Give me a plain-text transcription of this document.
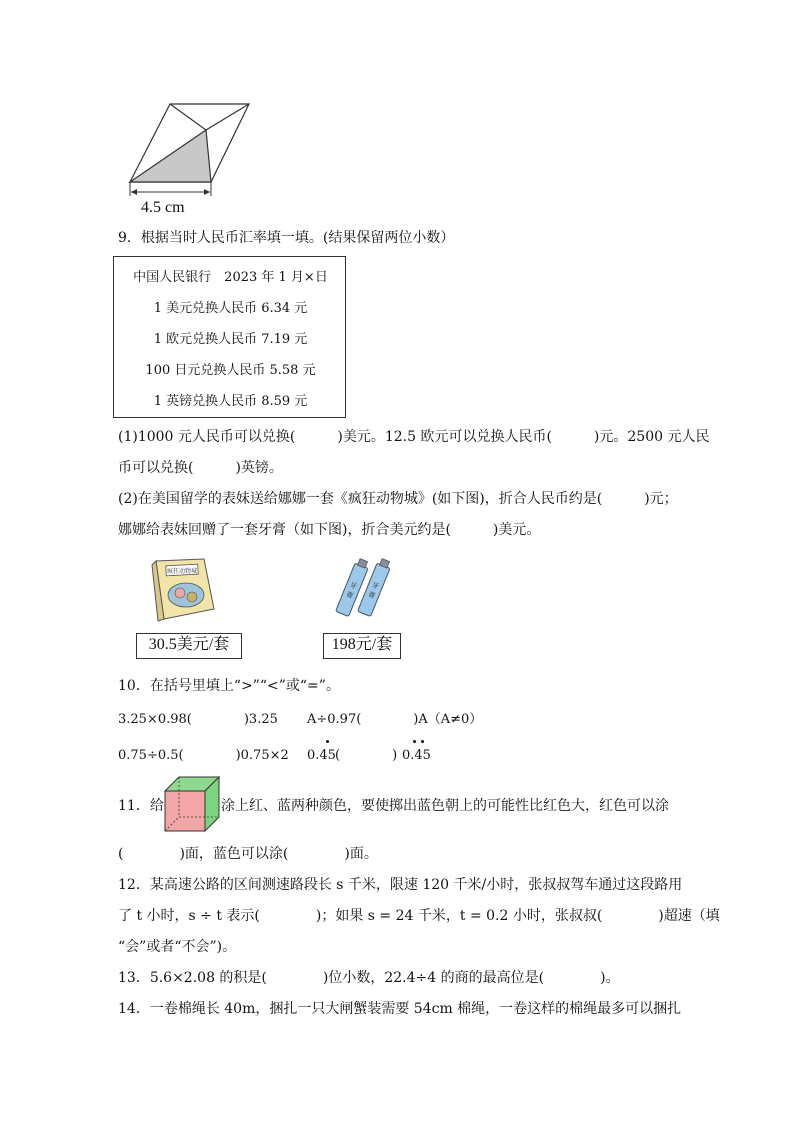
4.5 cm
9．根据当时人民币汇率填一填。(结果保留两位小数）
中国人民银行　2023 年 1 月×日
1 美元兑换人民币 6.34 元
1 欧元兑换人民币 7.19 元
100 日元兑换人民币 5.58 元
1 英镑兑换人民币 8.59 元
(1)1000 元人民币可以兑换(　　　)美元。12.5 欧元可以兑换人民币(　　　)元。2500 元人民
币可以兑换(　　　)英镑。
(2)在美国留学的表妹送给娜娜一套《疯狂动物城》(如下图)，折合人民币约是(　　　)元；
娜娜给表妹回赠了一套牙膏（如下图)，折合美元约是(　　　)美元。
疯狂动物城
30.5美元/套
牙
膏
牙
膏
198元/套
10．在括号里填上“>”“<”或“=”。
3.25×0.98(　　　　)3.25 A÷0.97(　　　　)A（A≠0）
0.75÷0.5(　　　　)0.75×2 0.45 (　　　　) 0.45
11．给	涂上红、蓝两种颜色，要使掷出蓝色朝上的可能性比红色大，红色可以涂
(　　　　)面，蓝色可以涂(　　　　)面。
12．某高速公路的区间测速路段长 s 千米，限速 120 千米/小时，张叔叔驾车通过这段路用
了 t 小时，s ÷ t 表示(　　　　)；如果 s = 24 千米，t = 0.2 小时，张叔叔(　　　　)超速（填
“会”或者“不会”)。
13．5.6×2.08 的积是(　　　　)位小数，22.4÷4 的商的最高位是(　　　　)。
14．一卷棉绳长 40m，捆扎一只大闸蟹装需要 54cm 棉绳，一卷这样的棉绳最多可以捆扎
